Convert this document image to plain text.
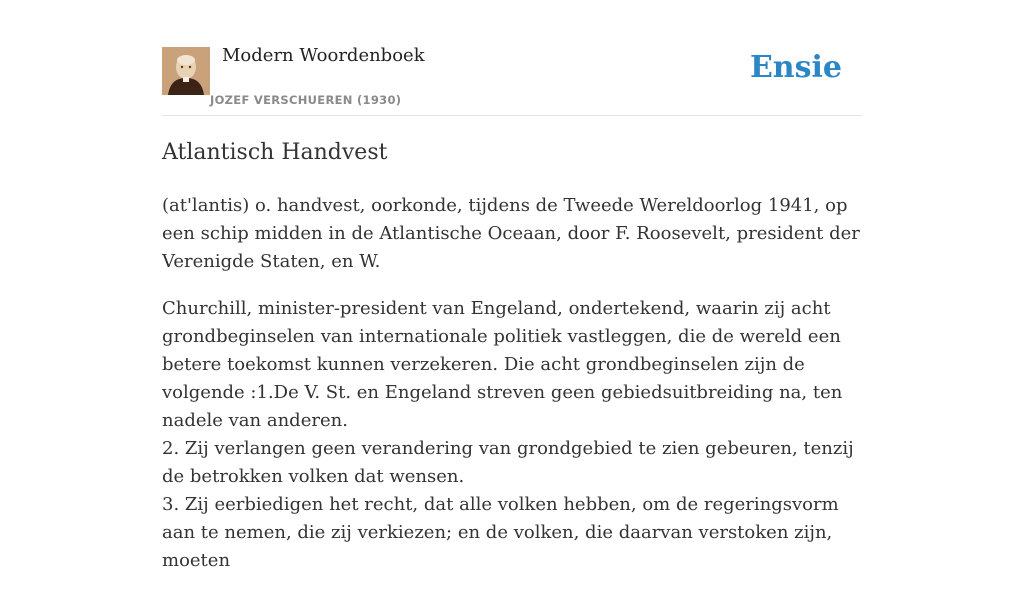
Modern Woordenboek
JOZEF VERSCHUEREN (1930)
Ensie
Atlantisch Handvest

(at'lantis) o. handvest, oorkonde, tijdens de Tweede Wereldoorlog 1941, op een schip midden in de Atlantische Oceaan, door F. Roosevelt, president der Verenigde Staten, en W.

Churchill, minister-president van Engeland, ondertekend, waarin zij acht grondbeginselen van internationale politiek vastleggen, die de wereld een betere toekomst kunnen verzekeren. Die acht grondbeginselen zijn de volgende :1.De V. St. en Engeland streven geen gebiedsuitbreiding na, ten nadele van anderen.
2. Zij verlangen geen verandering van grondgebied te zien gebeuren, tenzij de betrokken volken dat wensen.
3. Zij eerbiedigen het recht, dat alle volken hebben, om de regeringsvorm aan te nemen, die zij verkiezen; en de volken, die daarvan verstoken zijn, moeten
